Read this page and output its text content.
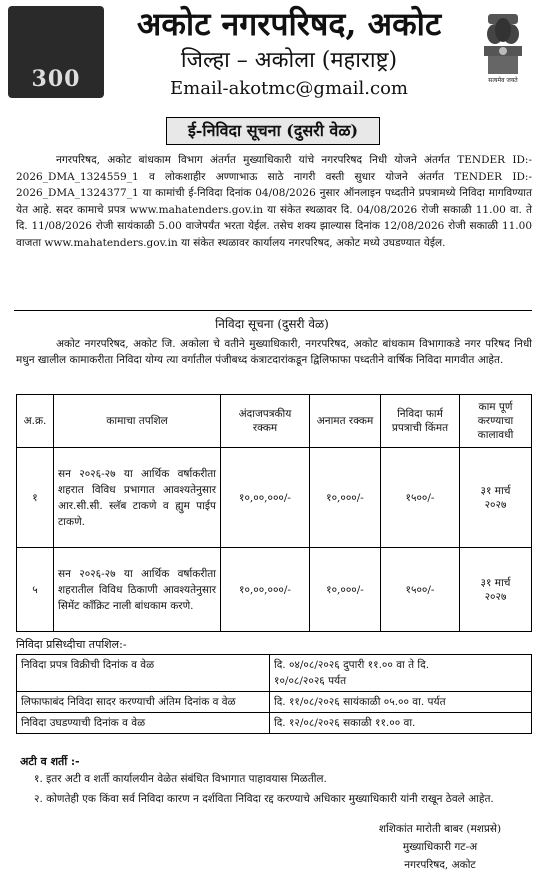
300
अकोट नगरपरिषद, अकोट
जिल्हा – अकोला (महाराष्ट्र)
Email-akotmc@gmail.com	सत्यमेव जयते
ई-निविदा सूचना (दुसरी वेळ)
नगरपरिषद, अकोट बांधकाम विभाग अंतर्गत मुख्याधिकारी यांचे नगरपरिषद निधी योजने अंतर्गत TENDER ID:- 2026_DMA_1324559_1 व लोकशाहीर अण्णाभाऊ साठे नागरी वस्ती सुधार योजने अंतर्गत TENDER ID:- 2026_DMA_1324377_1 या कामांची ई-निविदा दिनांक 04/08/2026 नुसार ऑनलाइन पध्दतीने प्रपत्रामध्ये निविदा मागविण्यात येत आहे. सदर कामाचे प्रपत्र www.mahatenders.gov.in या संकेत स्थळावर दि. 04/08/2026 रोजी सकाळी 11.00 वा. ते दि. 11/08/2026 रोजी सायंकाळी 5.00 वाजेपर्यंत भरता येईल. तसेच शक्य झाल्यास दिनांक 12/08/2026 रोजी सकाळी 11.00 वाजता www.mahatenders.gov.in या संकेत स्थळावर कार्यालय नगरपरिषद, अकोट मध्ये उघडण्यात येईल.
निविदा सूचना (दुसरी वेळ)
अकोट नगरपरिषद, अकोट जि. अकोला चे वतीने मुख्याधिकारी, नगरपरिषद, अकोट बांधकाम विभागाकडे नगर परिषद निधी मधुन खालील कामाकरीता निविदा योग्य त्या वर्गातील पंजीबध्द कंत्राटदारांकडून द्विलिफाफा पध्दतीने वार्षिक निविदा मागवीत आहेत.
अ.क्र.	कामाचा तपशिल	अंदाजपत्रकीय रक्कम	अनामत रक्कम	निविदा फार्म प्रपत्राची किंमत	काम पूर्ण करण्याचा कालावधी
१	सन २०२६-२७ या आर्थिक वर्षाकरीता शहरात विविध प्रभागात आवश्यतेनुसार आर.सी.सी. स्लॅब टाकणे व ह्युम पाईप टाकणे.	१०,००,०००/-	१०,०००/-	१५००/-	३१ मार्च २०२७
५	सन २०२६-२७ या आर्थिक वर्षाकरीता शहरातील विविध ठिकाणी आवश्यतेनुसार सिमेंट कॉंक्रिट नाली बांधकाम करणे.	१०,००,०००/-	१०,०००/-	१५००/-	३१ मार्च २०२७
निविदा प्रसिध्दीचा तपशिल:-
निविदा प्रपत्र विक्रीची दिनांक व वेळ	दि. ०४/०८/२०२६ दुपारी ११.०० वा ते दि. १०/०८/२०२६ पर्यत
लिफाफाबंद निविदा सादर करण्याची अंतिम दिनांक व वेळ	दि. ११/०८/२०२६ सायंकाळी ०५.०० वा. पर्यत
निविदा उघडण्याची दिनांक व वेळ	दि. १२/०८/२०२६ सकाळी ११.०० वा.
अटी व शर्ती :-
१. इतर अटी व शर्ती कार्यालयीन वेळेत संबंधित विभागात पाहावयास मिळतील.
२. कोणतेही एक किंवा सर्व निविदा कारण न दर्शविता निविदा रद्द करण्याचे अधिकार मुख्याधिकारी यांनी राखून ठेवले आहेत.
शशिकांत मारोती बाबर (मशप्रसे)
मुख्याधिकारी गट-अ
नगरपरिषद, अकोट
